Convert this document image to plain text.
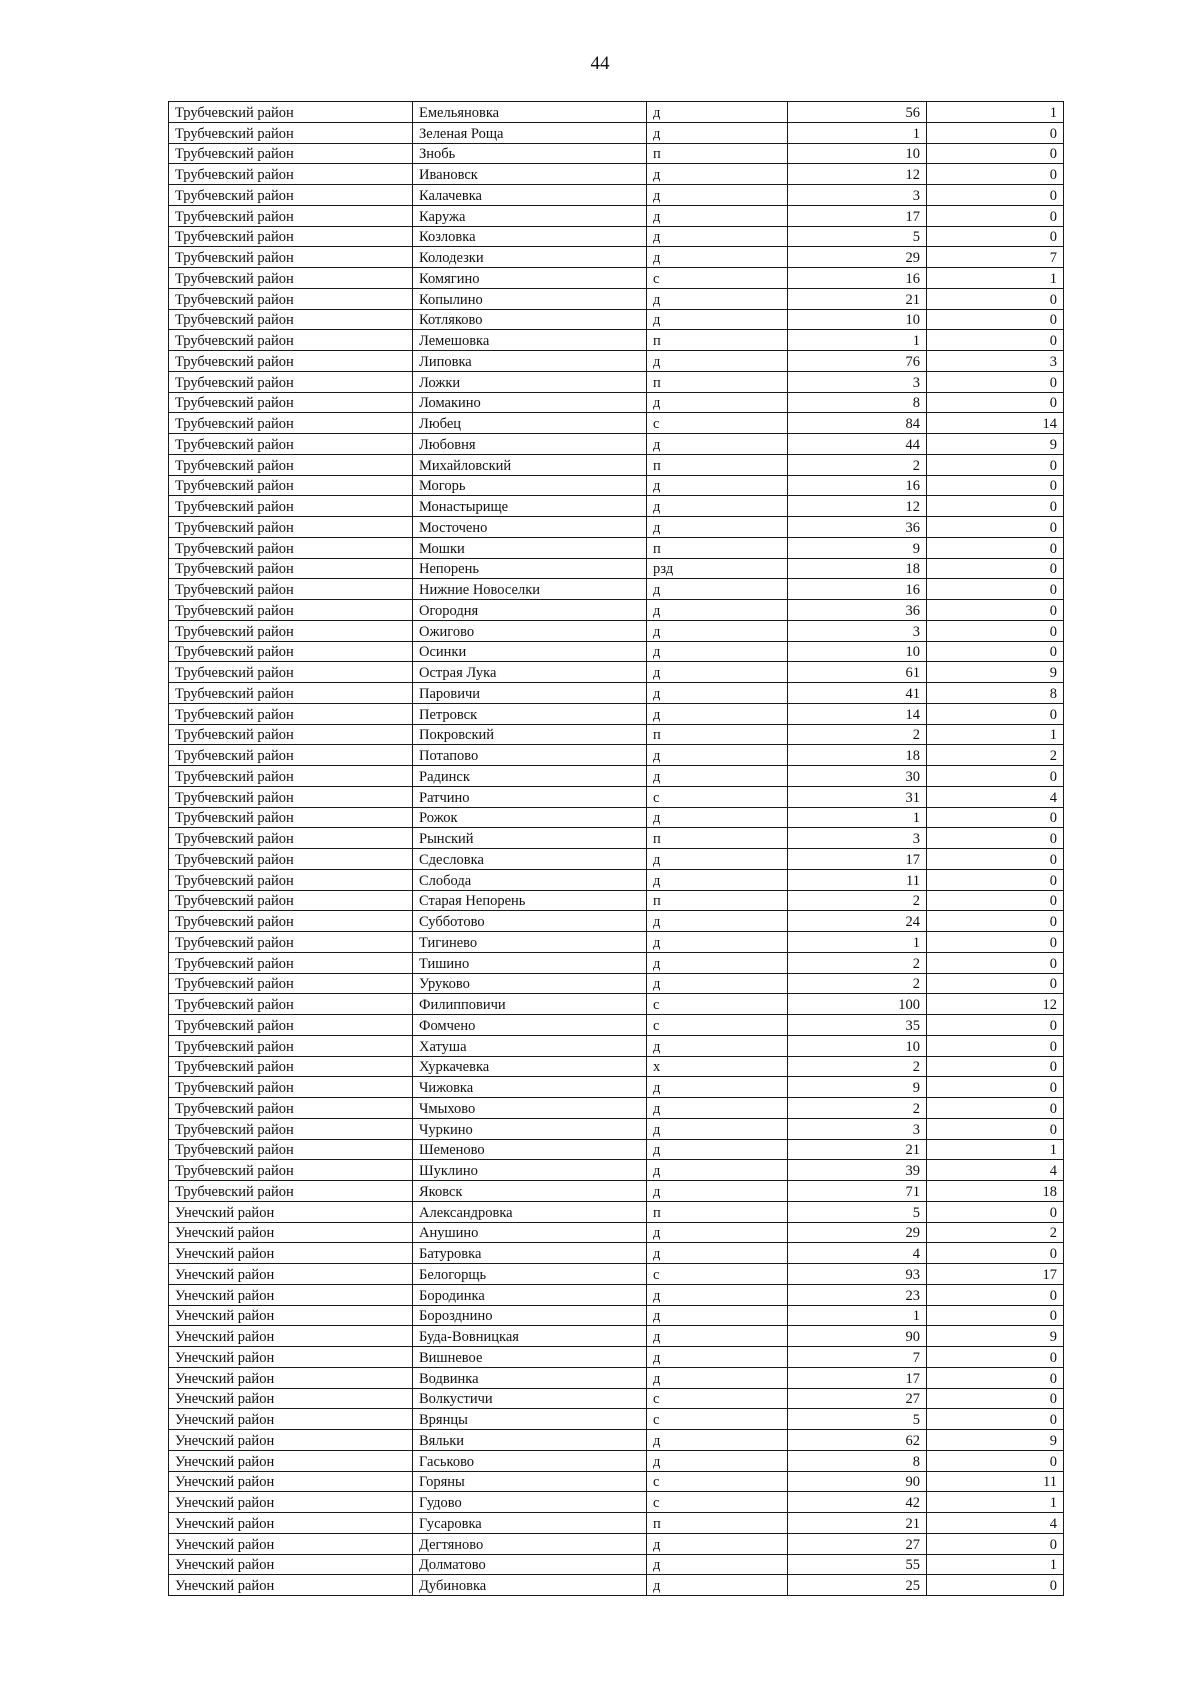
44
Трубчевский район	Емельяновка	д	56	1
Трубчевский район	Зеленая Роща	д	1	0
Трубчевский район	Знобь	п	10	0
Трубчевский район	Ивановск	д	12	0
Трубчевский район	Калачевка	д	3	0
Трубчевский район	Каружа	д	17	0
Трубчевский район	Козловка	д	5	0
Трубчевский район	Колодезки	д	29	7
Трубчевский район	Комягино	с	16	1
Трубчевский район	Копылино	д	21	0
Трубчевский район	Котляково	д	10	0
Трубчевский район	Лемешовка	п	1	0
Трубчевский район	Липовка	д	76	3
Трубчевский район	Ложки	п	3	0
Трубчевский район	Ломакино	д	8	0
Трубчевский район	Любец	с	84	14
Трубчевский район	Любовня	д	44	9
Трубчевский район	Михайловский	п	2	0
Трубчевский район	Могорь	д	16	0
Трубчевский район	Монастырище	д	12	0
Трубчевский район	Мосточено	д	36	0
Трубчевский район	Мошки	п	9	0
Трубчевский район	Непорень	рзд	18	0
Трубчевский район	Нижние Новоселки	д	16	0
Трубчевский район	Огородня	д	36	0
Трубчевский район	Ожигово	д	3	0
Трубчевский район	Осинки	д	10	0
Трубчевский район	Острая Лука	д	61	9
Трубчевский район	Паровичи	д	41	8
Трубчевский район	Петровск	д	14	0
Трубчевский район	Покровский	п	2	1
Трубчевский район	Потапово	д	18	2
Трубчевский район	Радинск	д	30	0
Трубчевский район	Ратчино	с	31	4
Трубчевский район	Рожок	д	1	0
Трубчевский район	Рынский	п	3	0
Трубчевский район	Сдесловка	д	17	0
Трубчевский район	Слобода	д	11	0
Трубчевский район	Старая Непорень	п	2	0
Трубчевский район	Субботово	д	24	0
Трубчевский район	Тигинево	д	1	0
Трубчевский район	Тишино	д	2	0
Трубчевский район	Уруково	д	2	0
Трубчевский район	Филипповичи	с	100	12
Трубчевский район	Фомчено	с	35	0
Трубчевский район	Хатуша	д	10	0
Трубчевский район	Хуркачевка	х	2	0
Трубчевский район	Чижовка	д	9	0
Трубчевский район	Чмыхово	д	2	0
Трубчевский район	Чуркино	д	3	0
Трубчевский район	Шеменово	д	21	1
Трубчевский район	Шуклино	д	39	4
Трубчевский район	Яковск	д	71	18
Унечский район	Александровка	п	5	0
Унечский район	Анушино	д	29	2
Унечский район	Батуровка	д	4	0
Унечский район	Белогорщь	с	93	17
Унечский район	Бородинка	д	23	0
Унечский район	Борозднино	д	1	0
Унечский район	Буда-Вовницкая	д	90	9
Унечский район	Вишневое	д	7	0
Унечский район	Водвинка	д	17	0
Унечский район	Волкустичи	с	27	0
Унечский район	Врянцы	с	5	0
Унечский район	Вяльки	д	62	9
Унечский район	Гаськово	д	8	0
Унечский район	Горяны	с	90	11
Унечский район	Гудово	с	42	1
Унечский район	Гусаровка	п	21	4
Унечский район	Дегтяново	д	27	0
Унечский район	Долматово	д	55	1
Унечский район	Дубиновка	д	25	0
